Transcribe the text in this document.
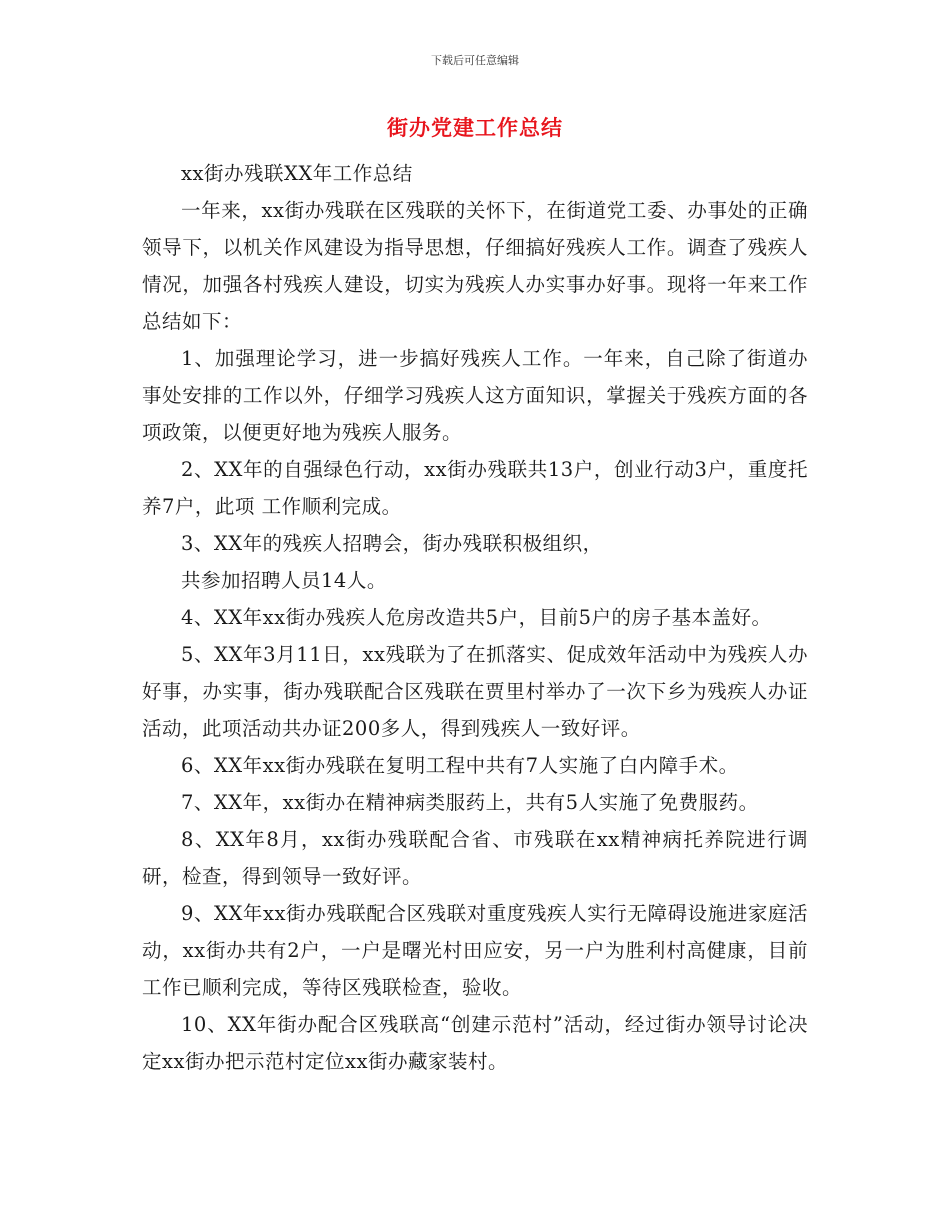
下载后可任意编辑
街办党建工作总结

xx街办残联XX年工作总结

一年来，xx街办残联在区残联的关怀下，在街道党工委、办事处的正确领导下，以机关作风建设为指导思想，仔细搞好残疾人工作。调查了残疾人情况，加强各村残疾人建设，切实为残疾人办实事办好事。现将一年来工作总结如下：

1、加强理论学习，进一步搞好残疾人工作。一年来，自己除了街道办事处安排的工作以外，仔细学习残疾人这方面知识，掌握关于残疾方面的各项政策，以便更好地为残疾人服务。

2、XX年的自强绿色行动，xx街办残联共13户，创业行动3户，重度托养7户，此项 工作顺利完成。

3、XX年的残疾人招聘会，街办残联积极组织，

共参加招聘人员14人。

4、XX年xx街办残疾人危房改造共5户，目前5户的房子基本盖好。

5、XX年3月11日，xx残联为了在抓落实、促成效年活动中为残疾人办好事，办实事，街办残联配合区残联在贾里村举办了一次下乡为残疾人办证活动，此项活动共办证200多人，得到残疾人一致好评。

6、XX年xx街办残联在复明工程中共有7人实施了白内障手术。

7、XX年，xx街办在精神病类服药上，共有5人实施了免费服药。

8、XX年8月，xx街办残联配合省、市残联在xx精神病托养院进行调研，检查，得到领导一致好评。

9、XX年xx街办残联配合区残联对重度残疾人实行无障碍设施进家庭活动，xx街办共有2户，一户是曙光村田应安，另一户为胜利村高健康，目前工作已顺利完成，等待区残联检查，验收。

10、XX年街办配合区残联高“创建示范村”活动，经过街办领导讨论决定xx街办把示范村定位xx街办藏家装村。
